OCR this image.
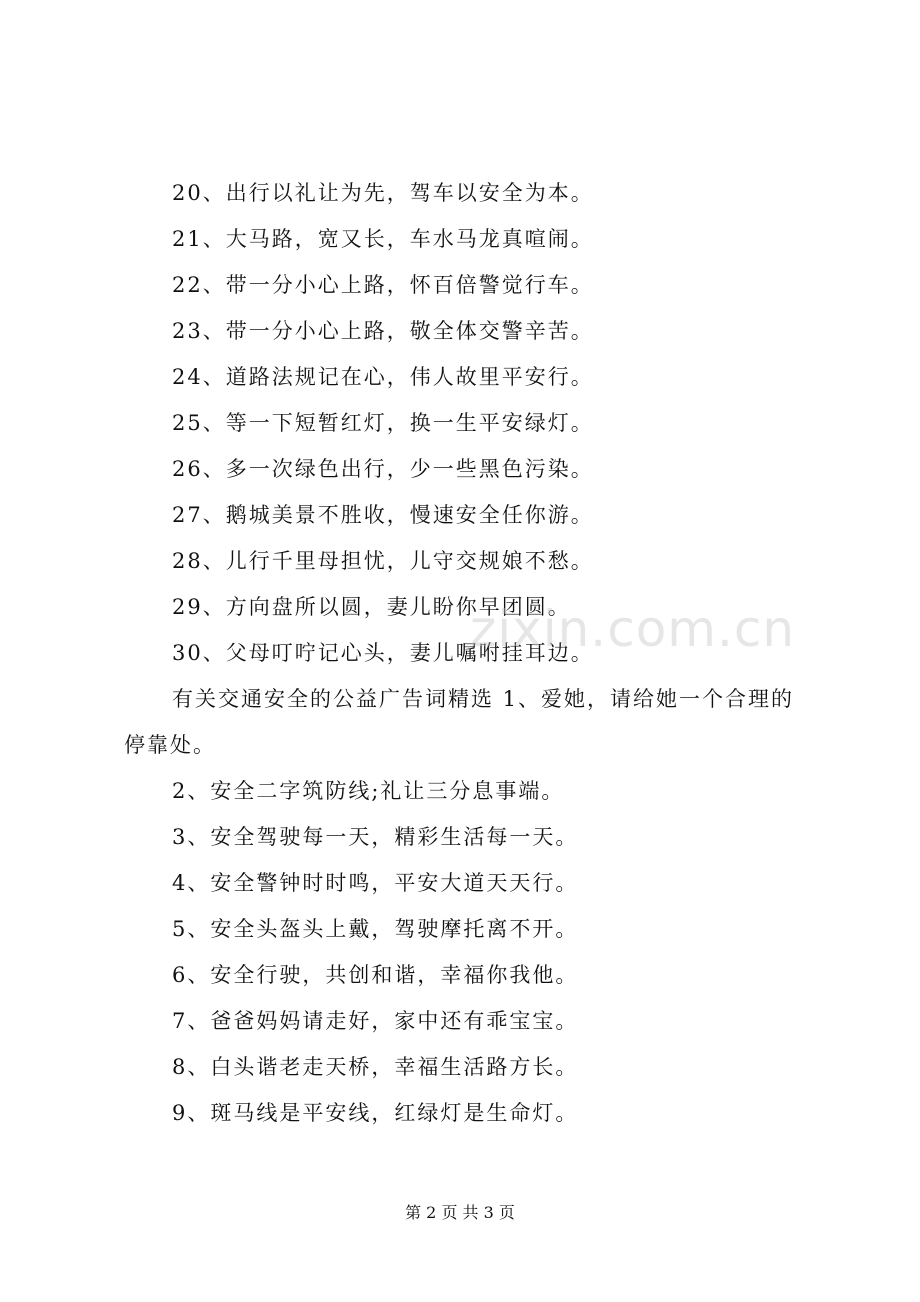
20、出行以礼让为先，驾车以安全为本。
21、大马路，宽又长，车水马龙真喧闹。
22、带一分小心上路，怀百倍警觉行车。
23、带一分小心上路，敬全体交警辛苦。
24、道路法规记在心，伟人故里平安行。
25、等一下短暂红灯，换一生平安绿灯。
26、多一次绿色出行，少一些黑色污染。
27、鹅城美景不胜收，慢速安全任你游。
28、儿行千里母担忧，儿守交规娘不愁。
29、方向盘所以圆，妻儿盼你早团圆。
30、父母叮咛记心头，妻儿嘱咐挂耳边。
有关交通安全的公益广告词精选 1、爱她，请给她一个合理的停靠处。
2、安全二字筑防线;礼让三分息事端。
3、安全驾驶每一天，精彩生活每一天。
4、安全警钟时时鸣，平安大道天天行。
5、安全头盔头上戴，驾驶摩托离不开。
6、安全行驶，共创和谐，幸福你我他。
7、爸爸妈妈请走好，家中还有乖宝宝。
8、白头谐老走天桥，幸福生活路方长。
9、斑马线是平安线，红绿灯是生命灯。
zixin.com.cn
第 2 页 共 3 页
